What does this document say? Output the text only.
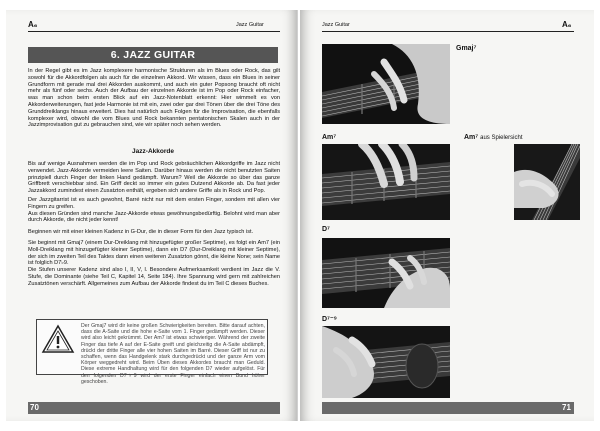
A₆	Jazz Guitar
6. JAZZ GUITAR

In der Regel gibt es im Jazz komplexere harmonische Strukturen als im Blues oder Rock, das gilt sowohl für die Akkordfolgen als auch für die einzelnen Akkord. Wir wissen, dass ein Blues in seiner Grundform mit gerade mal drei Akkorden auskommt, und auch ein guter Popsong braucht oft nicht mehr als fünf oder sechs. Auch der Aufbau der einzelnen Akkorde ist im Pop oder Rock einfacher, was man schon beim ersten Blick auf ein Jazz-Notenblatt erkennt: Hier wimmelt es von Akkorderweiterungen, fast jede Harmonie ist mit ein, zwei oder gar drei Tönen über die drei Töne des Grunddreiklangs hinaus erweitert. Dies hat natürlich auch Folgen für die Improvisation, die ebenfalls komplexer wird, obwohl die vom Blues und Rock bekannten pentatonischen Skalen auch in der Jazzimprovisation gut zu gebrauchen sind, wie wir später noch sehen werden.

Jazz-Akkorde

Bis auf wenige Ausnahmen werden die im Pop und Rock gebräuchlichen Akkordgriffe im Jazz nicht verwendet. Jazz-Akkorde vermeiden leere Saiten. Darüber hinaus werden die nicht benutzten Saiten prinzipiell durch Finger der linken Hand gedämpft. Warum? Weil die Akkorde so über das ganze Griffbrett verschiebbar sind. Ein Griff deckt so immer ein gutes Dutzend Akkorde ab. Da fast jeder Jazzakkord zumindest einen Zusatzton enthält, ergeben sich andere Griffe als in Rock und Pop.

Der Jazzgitarrist ist es auch gewohnt, Barré nicht nur mit dem ersten Finger, sondern mit allen vier Fingern zu greifen.

Aus diesen Gründen sind manche Jazz-Akkorde etwas gewöhnungsbedürftig. Belohnt wird man aber durch Akkorde, die nicht jeder kennt!

Beginnen wir mit einer kleinen Kadenz in G-Dur, die in dieser Form für den Jazz typisch ist.

Sie beginnt mit Gmaj7 (einem Dur-Dreiklang mit hinzugefügter großer Septime), es folgt ein Am7 (ein Moll-Dreiklang mit hinzugefügter kleiner Septime), dann ein D7 (Dur-Dreiklang mit kleiner Septime), der sich im zweiten Teil des Taktes dann einen weiteren Zusatzton gönnt, die kleine None; sein Name ist folglich D7♭9.

Die Stufen unserer Kadenz sind also I, II, V, I. Besondere Aufmerksamkeit verdient im Jazz die V. Stufe, die Dominante (siehe Teil C, Kapitel 14, Seite 184). Ihre Spannung wird gern mit zahlreichen Zusatztönen verschärft. Allgemeines zum Aufbau der Akkorde findest du im Teil C dieses Buches.

Der Gmaj7 wird dir keine großen Schwierigkeiten bereiten. Bitte darauf achten, dass die A-Saite und die hohe e-Saite vom 1. Finger gedämpft werden. Dieser wird also leicht gekrümmt. Der Am7 ist etwas schwieriger. Während der zweite Finger das tiefe A auf der E-Saite greift und gleichzeitig die A-Saite abdämpft, drückt der dritte Finger alle vier hohen Saiten im Barré. Dieser Griff ist nur zu schaffen, wenn das Handgelenk stark durchgedrückt und der ganze Arm vom Körper weggedreht wird. Beim Üben dieses Akkordes braucht man Geduld. Diese extreme Handhaltung wird für den folgenden D7 wieder aufgelöst. Für den folgenden D7♭9 wird der erste Finger einfach einen Bund höher geschoben.
70
Jazz Guitar	A₆
Gmaj⁷
Am⁷	Am⁷ aus Spielersicht
D⁷
D⁷⁻⁹
71
